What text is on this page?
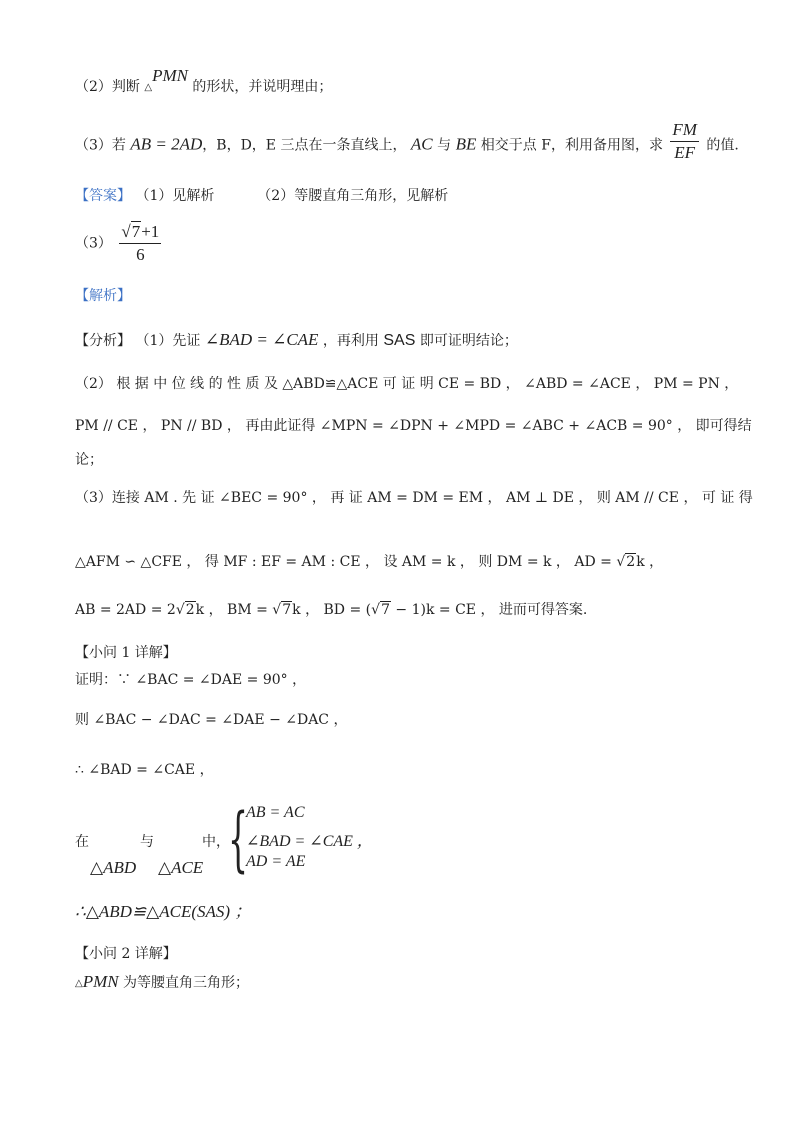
（2）判断 △PMN 的形状，并说明理由；
（3）若 AB = 2AD，B，D，E 三点在一条直线上， AC 与 BE 相交于点 F，利用备用图，求 $\frac{FM}{EF}$ 的值.
【答案】 （1）见解析	（2）等腰直角三角形，见解析
$(3) \frac{√7+1}{6}$
【解析】
【分析】 （1）先证 ∠BAD = ∠CAE ，再利用 SAS 即可证明结论；
（2） 根 据 中 位 线 的 性 质 及 △ABD≌△ACE 可 证 明 CE = BD ， ∠ABD = ∠ACE ， PM = PN ，
PM // CE ， PN // BD ， 再由此证得 ∠MPN = ∠DPN + ∠MPD = ∠ABC + ∠ACB = 90° ， 即可得结
论；
（3）连接 AM . 先 证 ∠BEC = 90° ， 再 证 AM = DM = EM ， AM ⊥ DE ， 则 AM // CE ， 可 证 得
△AFM ∽ △CFE ， 得 MF : EF = AM : CE ， 设 AM = k ， 则 DM = k ， AD = √2k ，
AB = 2AD = 2√2k ， BM = √7k ， BD = (√7 − 1)k = CE ， 进而可得答案.
【小问 1 详解】
证明：∵ ∠BAC = ∠DAE = 90° ，
则 ∠BAC − ∠DAC = ∠DAE − ∠DAC ，
∴ ∠BAD = ∠CAE ，
在	与	中，
△ABD △ACE {
AB = AC
∠BAD = ∠CAE ，
AD = AE
∴△ABD≌△ACE(SAS) ；
【小问 2 详解】
△PMN 为等腰直角三角形；
